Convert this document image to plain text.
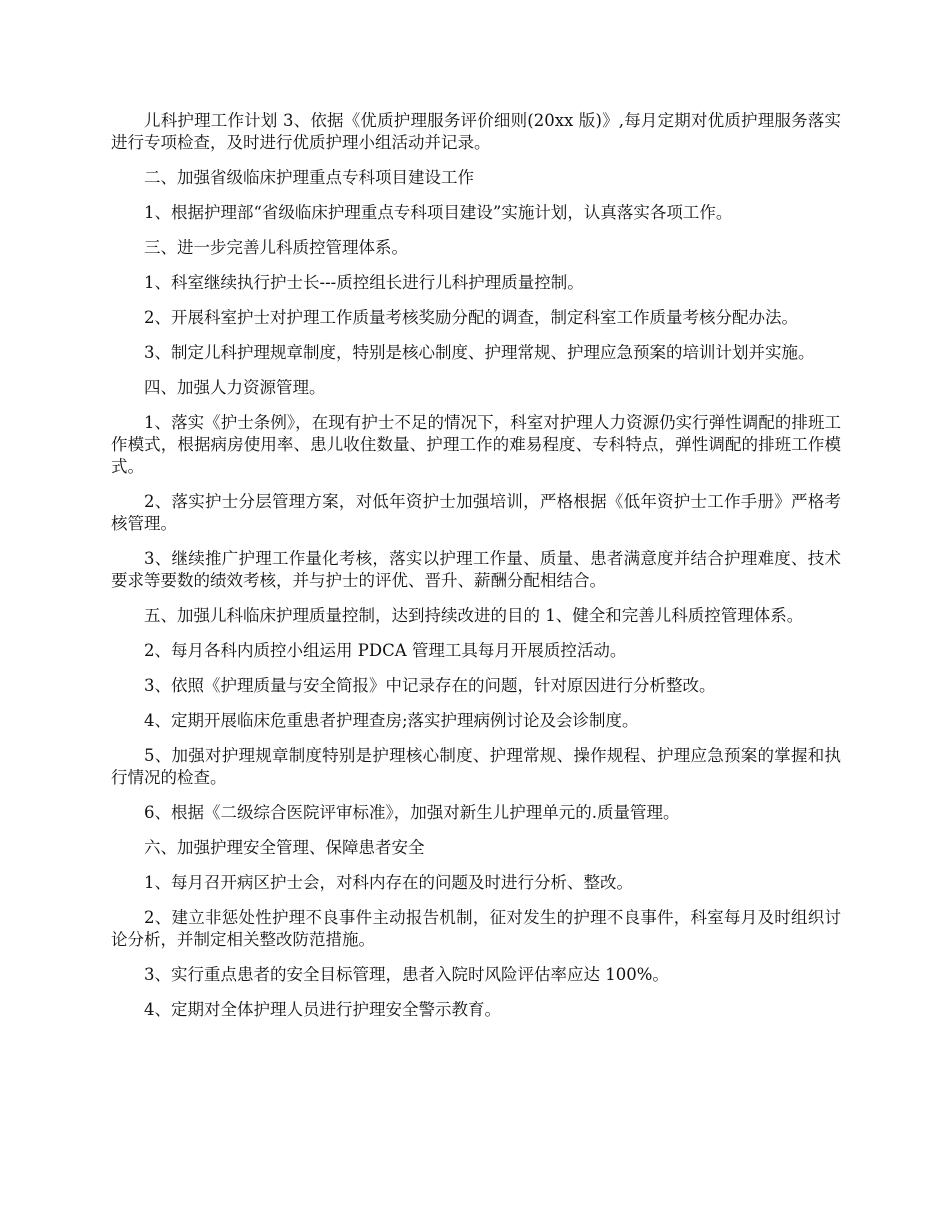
儿科护理工作计划 3、依据《优质护理服务评价细则(20xx 版)》,每月定期对优质护理服务落实进行专项检查，及时进行优质护理小组活动并记录。

二、加强省级临床护理重点专科项目建设工作

1、根据护理部“省级临床护理重点专科项目建设”实施计划，认真落实各项工作。

三、进一步完善儿科质控管理体系。

1、科室继续执行护士长---质控组长进行儿科护理质量控制。

2、开展科室护士对护理工作质量考核奖励分配的调查，制定科室工作质量考核分配办法。

3、制定儿科护理规章制度，特别是核心制度、护理常规、护理应急预案的培训计划并实施。

四、加强人力资源管理。

1、落实《护士条例》，在现有护士不足的情况下，科室对护理人力资源仍实行弹性调配的排班工作模式，根据病房使用率、患儿收住数量、护理工作的难易程度、专科特点，弹性调配的排班工作模式。

2、落实护士分层管理方案，对低年资护士加强培训，严格根据《低年资护士工作手册》严格考核管理。

3、继续推广护理工作量化考核，落实以护理工作量、质量、患者满意度并结合护理难度、技术要求等要数的绩效考核，并与护士的评优、晋升、薪酬分配相结合。

五、加强儿科临床护理质量控制，达到持续改进的目的 1、健全和完善儿科质控管理体系。

2、每月各科内质控小组运用 PDCA 管理工具每月开展质控活动。

3、依照《护理质量与安全简报》中记录存在的问题，针对原因进行分析整改。

4、定期开展临床危重患者护理查房;落实护理病例讨论及会诊制度。

5、加强对护理规章制度特别是护理核心制度、护理常规、操作规程、护理应急预案的掌握和执行情况的检查。

6、根据《二级综合医院评审标准》，加强对新生儿护理单元的.质量管理。

六、加强护理安全管理、保障患者安全

1、每月召开病区护士会，对科内存在的问题及时进行分析、整改。

2、建立非惩处性护理不良事件主动报告机制，征对发生的护理不良事件，科室每月及时组织讨论分析，并制定相关整改防范措施。

3、实行重点患者的安全目标管理，患者入院时风险评估率应达 100%。

4、定期对全体护理人员进行护理安全警示教育。
